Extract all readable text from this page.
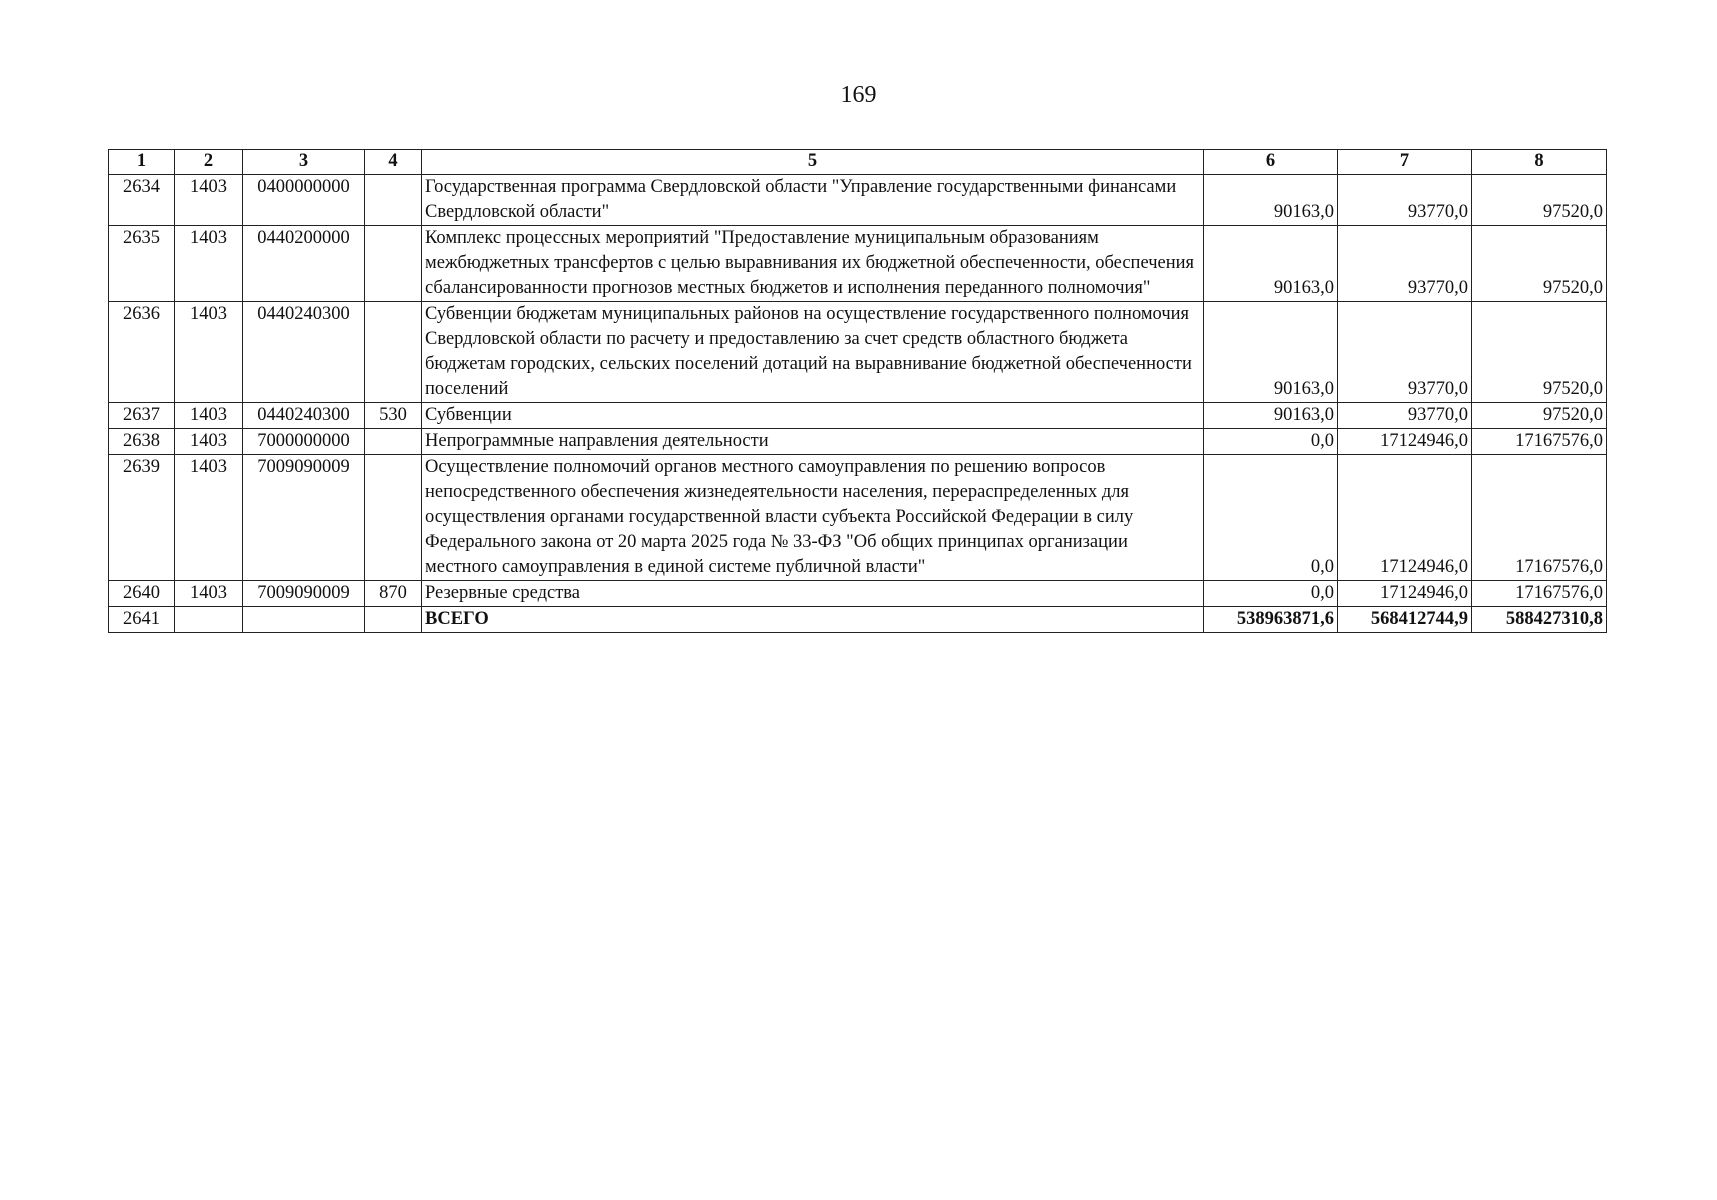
169
1	2	3	4	5	6	7	8
2634	1403	0400000000		Государственная программа Свердловской области "Управление государственными финансами Свердловской области"	90163,0	93770,0	97520,0
2635	1403	0440200000		Комплекс процессных мероприятий "Предоставление муниципальным образованиям межбюджетных трансфертов с целью выравнивания их бюджетной обеспеченности, обеспечения сбалансированности прогнозов местных бюджетов и исполнения переданного полномочия"	90163,0	93770,0	97520,0
2636	1403	0440240300		Субвенции бюджетам муниципальных районов на осуществление государственного полномочия Свердловской области по расчету и предоставлению за счет средств областного бюджета бюджетам городских, сельских поселений дотаций на выравнивание бюджетной обеспеченности поселений	90163,0	93770,0	97520,0
2637	1403	0440240300	530	Субвенции	90163,0	93770,0	97520,0
2638	1403	7000000000		Непрограммные направления деятельности	0,0	17124946,0	17167576,0
2639	1403	7009090009		Осуществление полномочий органов местного самоуправления по решению вопросов непосредственного обеспечения жизнедеятельности населения, перераспределенных для осуществления органами государственной власти субъекта Российской Федерации в силу Федерального закона от 20 марта 2025 года № 33-ФЗ "Об общих принципах организации местного самоуправления в единой системе публичной власти"	0,0	17124946,0	17167576,0
2640	1403	7009090009	870	Резервные средства	0,0	17124946,0	17167576,0
2641				ВСЕГО	538963871,6	568412744,9	588427310,8
